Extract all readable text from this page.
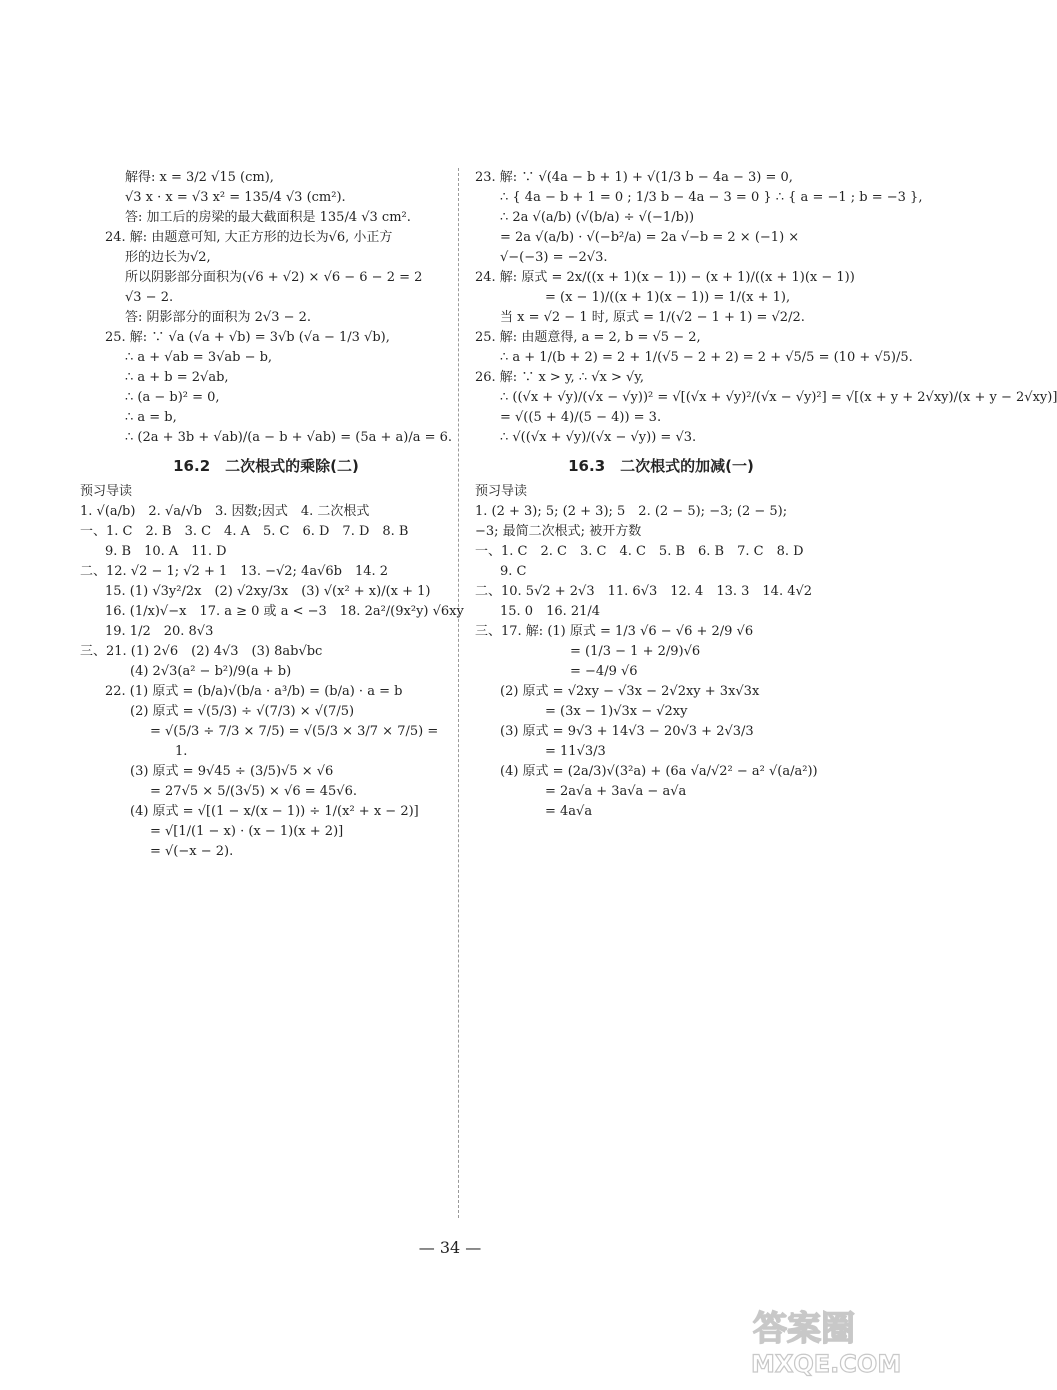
解得: x = 3/2 √15 (cm),
√3 x · x = √3 x² = 135/4 √3 (cm²).
答: 加工后的房梁的最大截面积是 135/4 √3 cm².
24. 解: 由题意可知, 大正方形的边长为√6, 小正方
形的边长为√2,
所以阴影部分面积为(√6 + √2) × √6 − 6 − 2 = 2
√3 − 2.
答: 阴影部分的面积为 2√3 − 2.
25. 解: ∵ √a (√a + √b) = 3√b (√a − 1/3 √b),
∴ a + √ab = 3√ab − b,
∴ a + b = 2√ab,
∴ (a − b)² = 0,
∴ a = b,
∴ (2a + 3b + √ab)/(a − b + √ab) = (5a + a)/a = 6.
16.2　二次根式的乘除(二)
预习导读
1. √(a/b)　2. √a/√b　3. 因数;因式　4. 二次根式
一、1. C　2. B　3. C　4. A　5. C　6. D　7. D　8. B
9. B　10. A　11. D
二、12. √2 − 1; √2 + 1　13. −√2; 4a√6b　14. 2
15. (1) √3y²/2x　(2) √2xy/3x　(3) √(x² + x)/(x + 1)
16. (1/x)√−x　17. a ≥ 0 或 a < −3　18. 2a²/(9x²y) √6xy
19. 1/2　20. 8√3
三、21. (1) 2√6　(2) 4√3　(3) 8ab√bc
(4) 2√3(a² − b²)/9(a + b)
22. (1) 原式 = (b/a)√(b/a · a³/b) = (b/a) · a = b
(2) 原式 = √(5/3) ÷ √(7/3) × √(7/5)
= √(5/3 ÷ 7/3 × 7/5) = √(5/3 × 3/7 × 7/5) =
1.
(3) 原式 = 9√45 ÷ (3/5)√5 × √6
= 27√5 × 5/(3√5) × √6 = 45√6.
(4) 原式 = √[(1 − x/(x − 1)) ÷ 1/(x² + x − 2)]
= √[1/(1 − x) · (x − 1)(x + 2)]
= √(−x − 2).
23. 解: ∵ √(4a − b + 1) + √(1/3 b − 4a − 3) = 0,
∴ { 4a − b + 1 = 0 ; 1/3 b − 4a − 3 = 0 } ∴ { a = −1 ; b = −3 },
∴ 2a √(a/b) (√(b/a) ÷ √(−1/b))
= 2a √(a/b) · √(−b²/a) = 2a √−b = 2 × (−1) ×
√−(−3) = −2√3.
24. 解: 原式 = 2x/((x + 1)(x − 1)) − (x + 1)/((x + 1)(x − 1))
= (x − 1)/((x + 1)(x − 1)) = 1/(x + 1),
当 x = √2 − 1 时, 原式 = 1/(√2 − 1 + 1) = √2/2.
25. 解: 由题意得, a = 2, b = √5 − 2,
∴ a + 1/(b + 2) = 2 + 1/(√5 − 2 + 2) = 2 + √5/5 = (10 + √5)/5.
26. 解: ∵ x > y, ∴ √x > √y,
∴ ((√x + √y)/(√x − √y))² = √[(√x + √y)²/(√x − √y)²] = √[(x + y + 2√xy)/(x + y − 2√xy)]
= √((5 + 4)/(5 − 4)) = 3.
∴ √((√x + √y)/(√x − √y)) = √3.
16.3　二次根式的加减(一)
预习导读
1. (2 + 3); 5; (2 + 3); 5　2. (2 − 5); −3; (2 − 5);
−3; 最简二次根式; 被开方数
一、1. C　2. C　3. C　4. C　5. B　6. B　7. C　8. D
9. C
二、10. 5√2 + 2√3　11. 6√3　12. 4　13. 3　14. 4√2
15. 0　16. 21/4
三、17. 解: (1) 原式 = 1/3 √6 − √6 + 2/9 √6
= (1/3 − 1 + 2/9)√6
= −4/9 √6
(2) 原式 = √2xy − √3x − 2√2xy + 3x√3x
= (3x − 1)√3x − √2xy
(3) 原式 = 9√3 + 14√3 − 20√3 + 2√3/3
= 11√3/3
(4) 原式 = (2a/3)√(3²a) + (6a √a/√2² − a² √(a/a²))
= 2a√a + 3a√a − a√a
= 4a√a
— 34 —
答案圈
MXQE.COM
